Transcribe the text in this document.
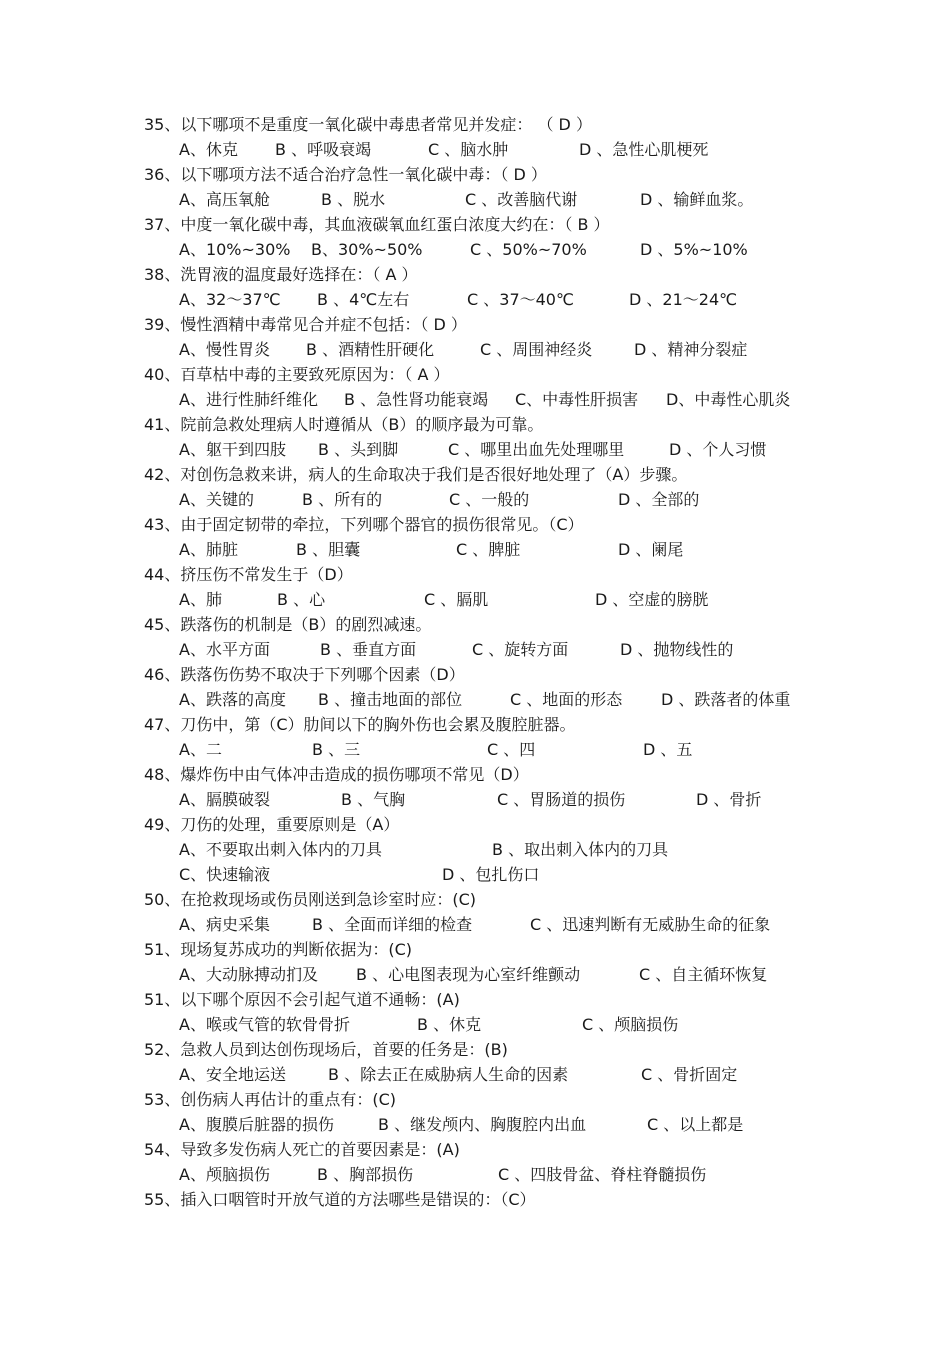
35、以下哪项不是重度一氧化碳中毒患者常见并发症： （ D ）
A、休克 B 、呼吸衰竭	C 、脑水肿	D 、急性心肌梗死
36、以下哪项方法不适合治疗急性一氧化碳中毒：（ D ）
A、高压氧舱	B 、脱水	C 、改善脑代谢	D 、输鲜血浆。
37、中度一氧化碳中毒，其血液碳氧血红蛋白浓度大约在：（ B ）
A、10%~30% B、30%~50%	C 、50%~70%	D 、5%~10%
38、洗胃液的温度最好选择在：（ A ）
A、32～37℃ B 、4℃左右	C 、37～40℃	D 、21～24℃
39、慢性酒精中毒常见合并症不包括：（ D ）
A、慢性胃炎 B 、酒精性肝硬化	C 、周围神经炎	D 、精神分裂症
40、百草枯中毒的主要致死原因为：（ A ）
A、进行性肺纤维化 B 、急性肾功能衰竭 C、中毒性肝损害 D、中毒性心肌炎
41、院前急救处理病人时遵循从（B）的顺序最为可靠。
A、躯干到四肢 B 、头到脚	C 、哪里出血先处理哪里	D 、个人习惯
42、对创伤急救来讲，病人的生命取决于我们是否很好地处理了（A）步骤。
A、关键的	B 、所有的	C 、一般的	D 、全部的
43、由于固定韧带的牵拉，下列哪个器官的损伤很常见。（C）
A、肺脏	B 、胆囊	C 、脾脏	D 、阑尾
44、挤压伤不常发生于（D）
A、肺	B 、心	C 、膈肌	D 、空虚的膀胱
45、跌落伤的机制是（B）的剧烈减速。
A、水平方面	B 、垂直方面	C 、旋转方面	D 、抛物线性的
46、跌落伤伤势不取决于下列哪个因素（D）
A、跌落的高度 B 、撞击地面的部位	C 、地面的形态 D 、跌落者的体重
47、刀伤中，第（C）肋间以下的胸外伤也会累及腹腔脏器。
A、二	B 、三	C 、四	D 、五
48、爆炸伤中由气体冲击造成的损伤哪项不常见（D）
A、膈膜破裂	B 、气胸	C 、胃肠道的损伤	D 、骨折
49、刀伤的处理，重要原则是（A）
A、不要取出刺入体内的刀具	B 、取出刺入体内的刀具
C、快速输液	D 、包扎伤口
50、在抢救现场或伤员刚送到急诊室时应：(C)
A、病史采集	B 、全面而详细的检查	C 、迅速判断有无威胁生命的征象
51、现场复苏成功的判断依据为：(C)
A、大动脉搏动扪及 B 、心电图表现为心室纤维颤动	C 、自主循环恢复
51、以下哪个原因不会引起气道不通畅：(A)
A、喉或气管的软骨骨折	B 、休克	C 、颅脑损伤
52、急救人员到达创伤现场后，首要的任务是：(B)
A、安全地运送	B 、除去正在威胁病人生命的因素	C 、骨折固定
53、创伤病人再估计的重点有：(C)
A、腹膜后脏器的损伤	B 、继发颅内、胸腹腔内出血	C 、以上都是
54、导致多发伤病人死亡的首要因素是：(A)
A、颅脑损伤	B 、胸部损伤	C 、四肢骨盆、脊柱脊髓损伤
55、插入口咽管时开放气道的方法哪些是错误的：（C）
